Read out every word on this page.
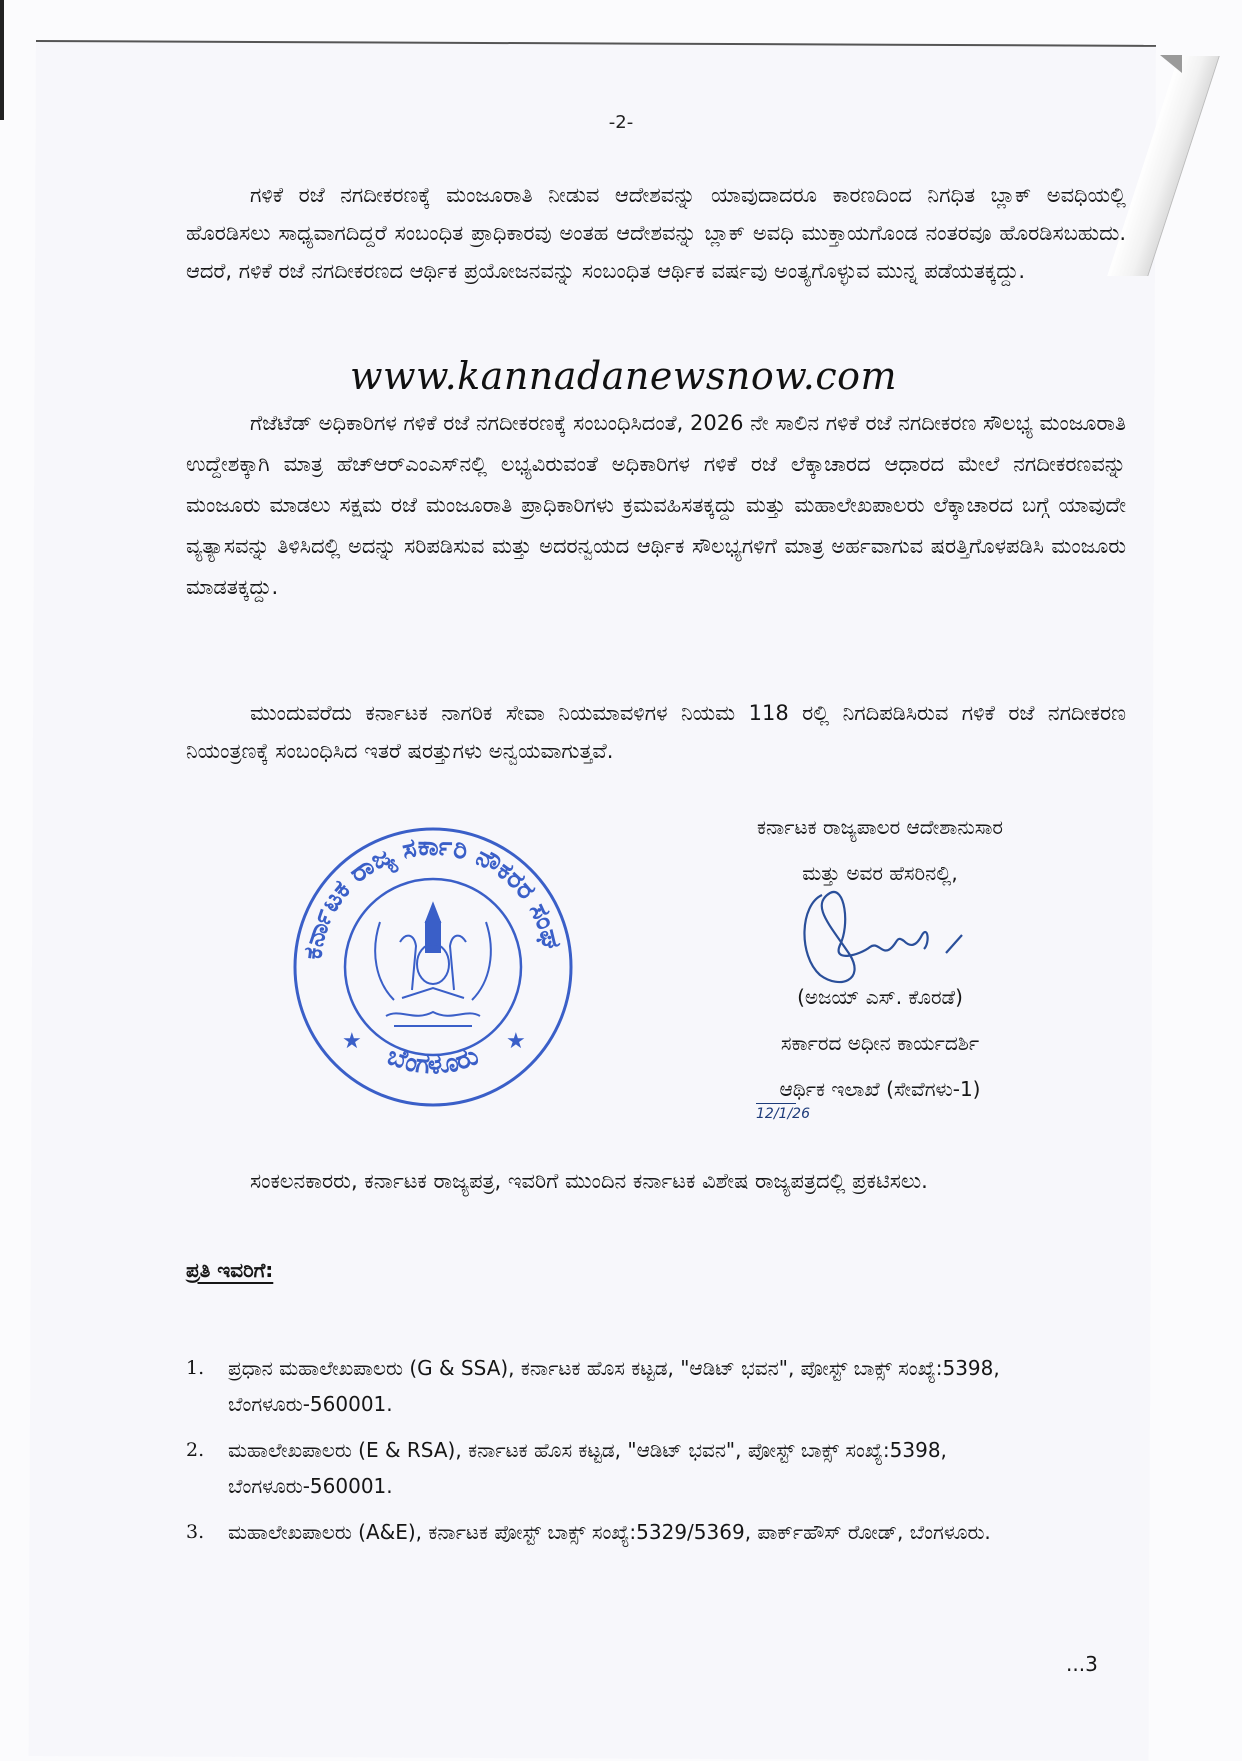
-2-

ಗಳಿಕೆ ರಜೆ ನಗದೀಕರಣಕ್ಕೆ ಮಂಜೂರಾತಿ ನೀಡುವ ಆದೇಶವನ್ನು ಯಾವುದಾದರೂ ಕಾರಣದಿಂದ ನಿಗಧಿತ ಬ್ಲಾಕ್ ಅವಧಿಯಲ್ಲಿ ಹೊರಡಿಸಲು ಸಾಧ್ಯವಾಗದಿದ್ದರೆ ಸಂಬಂಧಿತ ಪ್ರಾಧಿಕಾರವು ಅಂತಹ ಆದೇಶವನ್ನು ಬ್ಲಾಕ್ ಅವಧಿ ಮುಕ್ತಾಯಗೊಂಡ ನಂತರವೂ ಹೊರಡಿಸಬಹುದು. ಆದರೆ, ಗಳಿಕೆ ರಜೆ ನಗದೀಕರಣದ ಆರ್ಥಿಕ ಪ್ರಯೋಜನವನ್ನು ಸಂಬಂಧಿತ ಆರ್ಥಿಕ ವರ್ಷವು ಅಂತ್ಯಗೊಳ್ಳುವ ಮುನ್ನ ಪಡೆಯತಕ್ಕದ್ದು.

www.kannadanewsnow.com

ಗೆಜೆಟೆಡ್ ಅಧಿಕಾರಿಗಳ ಗಳಿಕೆ ರಜೆ ನಗದೀಕರಣಕ್ಕೆ ಸಂಬಂಧಿಸಿದಂತೆ, 2026 ನೇ ಸಾಲಿನ ಗಳಿಕೆ ರಜೆ ನಗದೀಕರಣ ಸೌಲಭ್ಯ ಮಂಜೂರಾತಿ ಉದ್ದೇಶಕ್ಕಾಗಿ ಮಾತ್ರ ಹೆಚ್‌ಆರ್‌ಎಂಎಸ್‌ನಲ್ಲಿ ಲಭ್ಯವಿರುವಂತೆ ಅಧಿಕಾರಿಗಳ ಗಳಿಕೆ ರಜೆ ಲೆಕ್ಕಾಚಾರದ ಆಧಾರದ ಮೇಲೆ ನಗದೀಕರಣವನ್ನು ಮಂಜೂರು ಮಾಡಲು ಸಕ್ಷಮ ರಜೆ ಮಂಜೂರಾತಿ ಪ್ರಾಧಿಕಾರಿಗಳು ಕ್ರಮವಹಿಸತಕ್ಕದ್ದು ಮತ್ತು ಮಹಾಲೇಖಪಾಲರು ಲೆಕ್ಕಾಚಾರದ ಬಗ್ಗೆ ಯಾವುದೇ ವ್ಯತ್ಯಾಸವನ್ನು ತಿಳಿಸಿದಲ್ಲಿ ಅದನ್ನು ಸರಿಪಡಿಸುವ ಮತ್ತು ಅದರನ್ವಯದ ಆರ್ಥಿಕ ಸೌಲಭ್ಯಗಳಿಗೆ ಮಾತ್ರ ಅರ್ಹವಾಗುವ ಷರತ್ತಿಗೊಳಪಡಿಸಿ ಮಂಜೂರು ಮಾಡತಕ್ಕದ್ದು.

ಮುಂದುವರೆದು ಕರ್ನಾಟಕ ನಾಗರಿಕ ಸೇವಾ ನಿಯಮಾವಳಿಗಳ ನಿಯಮ 118 ರಲ್ಲಿ ನಿಗದಿಪಡಿಸಿರುವ ಗಳಿಕೆ ರಜೆ ನಗದೀಕರಣ ನಿಯಂತ್ರಣಕ್ಕೆ ಸಂಬಂಧಿಸಿದ ಇತರೆ ಷರತ್ತುಗಳು ಅನ್ವಯವಾಗುತ್ತವೆ.

ಕರ್ನಾಟಕ ರಾಜ್ಯಪಾಲರ ಆದೇಶಾನುಸಾರ
ಮತ್ತು ಅವರ ಹೆಸರಿನಲ್ಲಿ,
(ಅಜಯ್ ಎಸ್. ಕೊರಡೆ)
ಸರ್ಕಾರದ ಅಧೀನ ಕಾರ್ಯದರ್ಶಿ
ಆರ್ಥಿಕ ಇಲಾಖೆ (ಸೇವೆಗಳು-1)
12/1/26
ಕರ್ನಾಟಕ ರಾಜ್ಯ ಸರ್ಕಾರಿ ನೌಕರರ ಸಂಘ
ಬೆಂಗಳೂರು
★	★

ಸಂಕಲನಕಾರರು, ಕರ್ನಾಟಕ ರಾಜ್ಯಪತ್ರ, ಇವರಿಗೆ ಮುಂದಿನ ಕರ್ನಾಟಕ ವಿಶೇಷ ರಾಜ್ಯಪತ್ರದಲ್ಲಿ ಪ್ರಕಟಿಸಲು.

ಪ್ರತಿ ಇವರಿಗೆ:
1. ಪ್ರಧಾನ ಮಹಾಲೇಖಪಾಲರು (G & SSA), ಕರ್ನಾಟಕ ಹೊಸ ಕಟ್ಟಡ, "ಆಡಿಟ್ ಭವನ", ಪೋಸ್ಟ್ ಬಾಕ್ಸ್ ಸಂಖ್ಯೆ:5398, ಬೆಂಗಳೂರು-560001.
2. ಮಹಾಲೇಖಪಾಲರು (E & RSA), ಕರ್ನಾಟಕ ಹೊಸ ಕಟ್ಟಡ, "ಆಡಿಟ್ ಭವನ", ಪೋಸ್ಟ್ ಬಾಕ್ಸ್ ಸಂಖ್ಯೆ:5398, ಬೆಂಗಳೂರು-560001.
3. ಮಹಾಲೇಖಪಾಲರು (A&E), ಕರ್ನಾಟಕ ಪೋಸ್ಟ್ ಬಾಕ್ಸ್ ಸಂಖ್ಯೆ:5329/5369, ಪಾರ್ಕ್‌ಹೌಸ್ ರೋಡ್, ಬೆಂಗಳೂರು.
...3
